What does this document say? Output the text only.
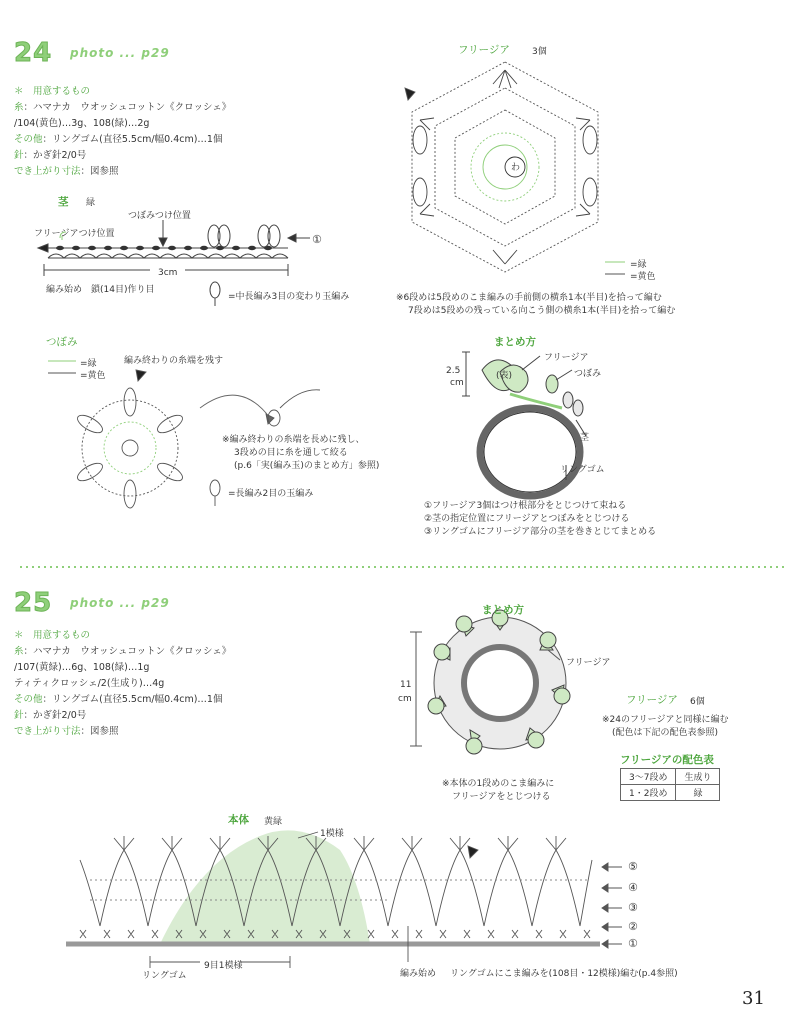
24 photo ... p29
＊　用意するもの
糸：ハマナカ　ウオッシュコットン《クロッシェ》
/104(黄色)…3g、108(緑)…2g
その他：リングゴム(直径5.5cm/幅0.4cm)…1個
針：かぎ針2/0号
でき上がり寸法：図参照
茎 緑
つぼみつけ位置
フリージアつけ位置
3cm
編み始め　鎖(14目)作り目
=中長編み3目の変わり玉編み
①
フリージア 3個
わ
=緑
=黄色
※6段めは5段めのこま編みの手前側の横糸1本(半目)を拾って編む
7段めは5段めの残っている向こう側の横糸1本(半目)を拾って編む
つぼみ
=緑
=黄色
編み終わりの糸端を残す
※編み終わりの糸端を長めに残し、
3段めの目に糸を通して絞る
(p.6「実(編み玉)のまとめ方」参照)
=長編み2目の玉編み
まとめ方
2.5
cm
フリージア
つぼみ
(表)
茎
リングゴム
①フリージア3個はつけ根部分をとじつけて束ねる
②茎の指定位置にフリージアとつぼみをとじつける
③リングゴムにフリージア部分の茎を巻きとじてまとめる
25 photo ... p29
＊　用意するもの
糸：ハマナカ　ウオッシュコットン《クロッシェ》
/107(黄緑)…6g、108(緑)…1g
ティティクロッシェ/2(生成り)…4g
その他：リングゴム(直径5.5cm/幅0.4cm)…1個
針：かぎ針2/0号
でき上がり寸法：図参照
まとめ方
11
cm
フリージア
※本体の1段めのこま編みに
フリージアをとじつける
フリージア 6個
※24のフリージアと同様に編む
(配色は下記の配色表参照)
フリージアの配色表
3〜7段め	生成り
1・2段め	緑
本体 黄緑
1模様
リングゴム
9目1模様
編み始め リングゴムにこま編みを(108目・12模様)編む(p.4参照)
⑤
④
③
②
①
31
